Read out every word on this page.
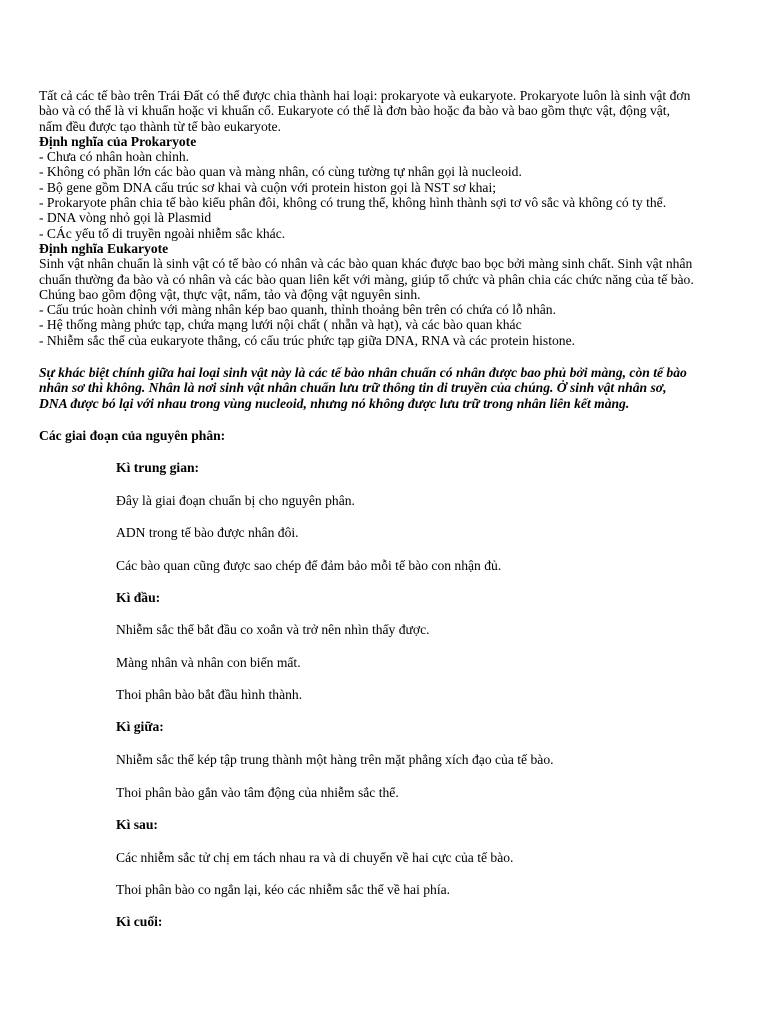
Tất cả các tế bào trên Trái Đất có thể được chia thành hai loại: prokaryote và eukaryote. Prokaryote luôn là sinh vật đơn
bào và có thể là vi khuẩn hoặc vi khuẩn cổ. Eukaryote có thể là đơn bào hoặc đa bào và bao gồm thực vật, động vật,
nấm đều được tạo thành từ tế bào eukaryote.
Định nghĩa của Prokaryote
- Chưa có nhân hoàn chỉnh.
- Không có phần lớn các bào quan và màng nhân, có cùng tường tự nhân gọi là nucleoid.
- Bộ gene gồm DNA cấu trúc sơ khai và cuộn với protein histon gọi là NST sơ khai;
- Prokaryote phân chia tế bào kiểu phân đôi, không có trung thể, không hình thành sợi tơ vô sắc và không có ty thể.
- DNA vòng nhỏ gọi là Plasmid
- CÁc yếu tố di truyền ngoài nhiễm sắc khác.
Định nghĩa Eukaryote
Sinh vật nhân chuẩn là sinh vật có tế bào có nhân và các bào quan khác được bao bọc bởi màng sinh chất. Sinh vật nhân
chuẩn thường đa bào và có nhân và các bào quan liên kết với màng, giúp tổ chức và phân chia các chức năng của tế bào.
Chúng bao gồm động vật, thực vật, nấm, tảo và động vật nguyên sinh.
- Cấu trúc hoàn chỉnh với màng nhân kép bao quanh, thỉnh thoảng bên trên có chứa có lỗ nhân.
- Hệ thống màng phức tạp, chứa mạng lưới nội chất ( nhẵn và hạt), và các bào quan khác
- Nhiễm sắc thể của eukaryote thẳng, có cấu trúc phức tạp giữa DNA, RNA và các protein histone.
Sự khác biệt chính giữa hai loại sinh vật này là các tế bào nhân chuẩn có nhân được bao phủ bởi màng, còn tế bào
nhân sơ thì không. Nhân là nơi sinh vật nhân chuẩn lưu trữ thông tin di truyền của chúng. Ở sinh vật nhân sơ,
DNA được bó lại với nhau trong vùng nucleoid, nhưng nó không được lưu trữ trong nhân liên kết màng.
Các giai đoạn của nguyên phân:
Kì trung gian:
Đây là giai đoạn chuẩn bị cho nguyên phân.
ADN trong tế bào được nhân đôi.
Các bào quan cũng được sao chép để đảm bảo mỗi tế bào con nhận đủ.
Kì đầu:
Nhiễm sắc thể bắt đầu co xoắn và trở nên nhìn thấy được.
Màng nhân và nhân con biến mất.
Thoi phân bào bắt đầu hình thành.
Kì giữa:
Nhiễm sắc thể kép tập trung thành một hàng trên mặt phẳng xích đạo của tế bào.
Thoi phân bào gắn vào tâm động của nhiễm sắc thể.
Kì sau:
Các nhiễm sắc tử chị em tách nhau ra và di chuyển về hai cực của tế bào.
Thoi phân bào co ngắn lại, kéo các nhiễm sắc thể về hai phía.
Kì cuối:
